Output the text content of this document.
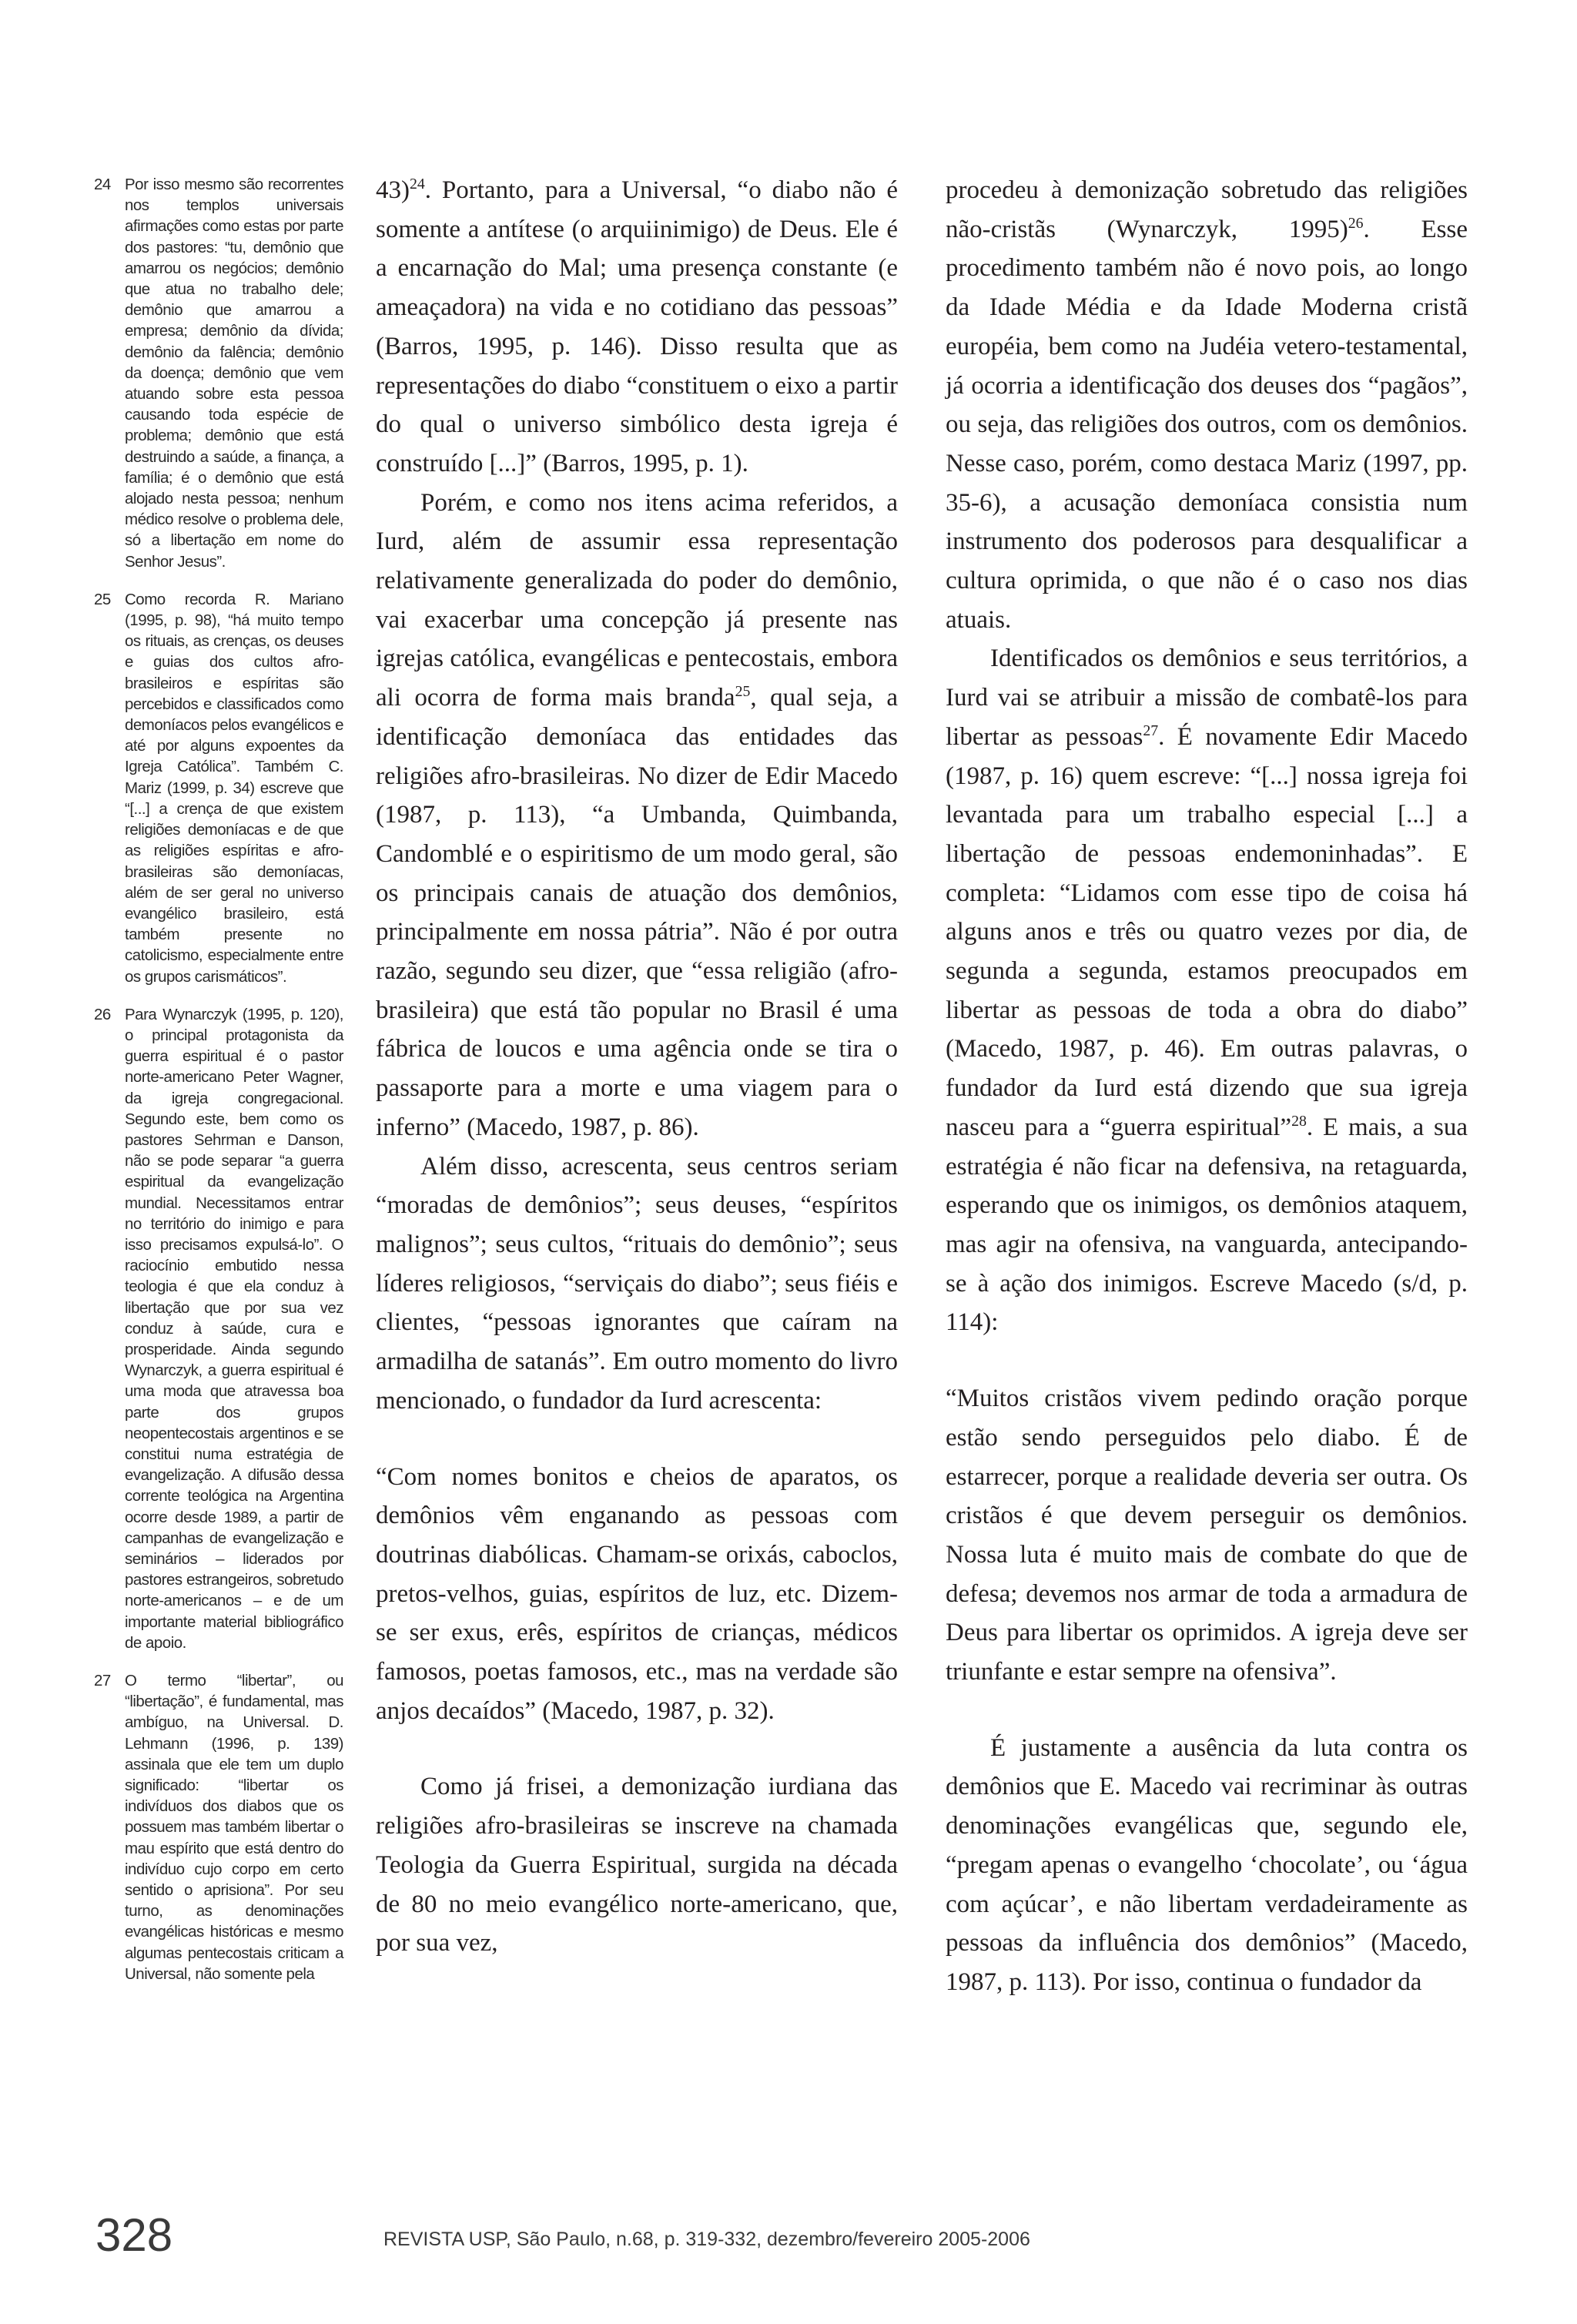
24 Por isso mesmo são recorrentes nos templos universais afirmações como estas por parte dos pastores: “tu, demônio que amarrou os negócios; demônio que atua no trabalho dele; demônio que amarrou a empresa; demônio da dívida; demônio da falência; demônio da doença; demônio que vem atuando sobre esta pessoa causando toda espécie de problema; demônio que está destruindo a saúde, a finança, a família; é o demônio que está alojado nesta pessoa; nenhum médico resolve o problema dele, só a libertação em nome do Senhor Jesus”.
25 Como recorda R. Mariano (1995, p. 98), “há muito tempo os rituais, as crenças, os deuses e guias dos cultos afro-brasileiros e espíritas são percebidos e classificados como demoníacos pelos evangélicos e até por alguns expoentes da Igreja Católica”. Também C. Mariz (1999, p. 34) escreve que “[...] a crença de que existem religiões demoníacas e de que as religiões espíritas e afro-brasileiras são demoníacas, além de ser geral no universo evangélico brasileiro, está também presente no catolicismo, especialmente entre os grupos carismáticos”.
26 Para Wynarczyk (1995, p. 120), o principal protagonista da guerra espiritual é o pastor norte-americano Peter Wagner, da igreja congregacional. Segundo este, bem como os pastores Sehrman e Danson, não se pode separar “a guerra espiritual da evangelização mundial. Necessitamos entrar no território do inimigo e para isso precisamos expulsá-lo”. O raciocínio embutido nessa teologia é que ela conduz à libertação que por sua vez conduz à saúde, cura e prosperidade. Ainda segundo Wynarczyk, a guerra espiritual é uma moda que atravessa boa parte dos grupos neopentecostais argentinos e se constitui numa estratégia de evangelização. A difusão dessa corrente teológica na Argentina ocorre desde 1989, a partir de campanhas de evangelização e seminários – liderados por pastores estrangeiros, sobretudo norte-americanos – e de um importante material bibliográfico de apoio.
27 O termo “libertar”, ou “libertação”, é fundamental, mas ambíguo, na Universal. D. Lehmann (1996, p. 139) assinala que ele tem um duplo significado: “libertar os indivíduos dos diabos que os possuem mas também libertar o mau espírito que está dentro do indivíduo cujo corpo em certo sentido o aprisiona”. Por seu turno, as denominações evangélicas históricas e mesmo algumas pentecostais criticam a Universal, não somente pela

43)$^{24}$. Portanto, para a Universal, “o diabo não é somente a antítese (o arquiinimigo) de Deus. Ele é a encarnação do Mal; uma presença constante (e ameaçadora) na vida e no cotidiano das pessoas” (Barros, 1995, p. 146). Disso resulta que as representações do diabo “constituem o eixo a partir do qual o universo simbólico desta igreja é construído [...]” (Barros, 1995, p. 1).

Porém, e como nos itens acima referidos, a Iurd, além de assumir essa representação relativamente generalizada do poder do demônio, vai exacerbar uma concepção já presente nas igrejas católica, evangélicas e pentecostais, embora ali ocorra de forma mais branda$^{25}$, qual seja, a identificação demoníaca das entidades das religiões afro-brasileiras. No dizer de Edir Macedo (1987, p. 113), “a Umbanda, Quimbanda, Candomblé e o espiritismo de um modo geral, são os principais canais de atuação dos demônios, principalmente em nossa pátria”. Não é por outra razão, segundo seu dizer, que “essa religião (afro-brasileira) que está tão popular no Brasil é uma fábrica de loucos e uma agência onde se tira o passaporte para a morte e uma viagem para o inferno” (Macedo, 1987, p. 86).

Além disso, acrescenta, seus centros seriam “moradas de demônios”; seus deuses, “espíritos malignos”; seus cultos, “rituais do demônio”; seus líderes religiosos, “serviçais do diabo”; seus fiéis e clientes, “pessoas ignorantes que caíram na armadilha de satanás”. Em outro momento do livro mencionado, o fundador da Iurd acrescenta:

“Com nomes bonitos e cheios de aparatos, os demônios vêm enganando as pessoas com doutrinas diabólicas. Chamam-se orixás, caboclos, pretos-velhos, guias, espíritos de luz, etc. Dizem-se ser exus, erês, espíritos de crianças, médicos famosos, poetas famosos, etc., mas na verdade são anjos decaídos” (Macedo, 1987, p. 32).

Como já frisei, a demonização iurdiana das religiões afro-brasileiras se inscreve na chamada Teologia da Guerra Espiritual, surgida na década de 80 no meio evangélico norte-americano, que, por sua vez,

procedeu à demonização sobretudo das religiões não-cristãs (Wynarczyk, 1995)$^{26}$. Esse procedimento também não é novo pois, ao longo da Idade Média e da Idade Moderna cristã européia, bem como na Judéia vetero-testamental, já ocorria a identificação dos deuses dos “pagãos”, ou seja, das religiões dos outros, com os demônios. Nesse caso, porém, como destaca Mariz (1997, pp. 35-6), a acusação demoníaca consistia num instrumento dos poderosos para desqualificar a cultura oprimida, o que não é o caso nos dias atuais.

Identificados os demônios e seus territórios, a Iurd vai se atribuir a missão de combatê-los para libertar as pessoas$^{27}$. É novamente Edir Macedo (1987, p. 16) quem escreve: “[...] nossa igreja foi levantada para um trabalho especial [...] a libertação de pessoas endemoninhadas”. E completa: “Lidamos com esse tipo de coisa há alguns anos e três ou quatro vezes por dia, de segunda a segunda, estamos preocupados em libertar as pessoas de toda a obra do diabo” (Macedo, 1987, p. 46). Em outras palavras, o fundador da Iurd está dizendo que sua igreja nasceu para a “guerra espiritual”$^{28}$. E mais, a sua estratégia é não ficar na defensiva, na retaguarda, esperando que os inimigos, os demônios ataquem, mas agir na ofensiva, na vanguarda, antecipando-se à ação dos inimigos. Escreve Macedo (s/d, p. 114):

“Muitos cristãos vivem pedindo oração porque estão sendo perseguidos pelo diabo. É de estarrecer, porque a realidade deveria ser outra. Os cristãos é que devem perseguir os demônios. Nossa luta é muito mais de combate do que de defesa; devemos nos armar de toda a armadura de Deus para libertar os oprimidos. A igreja deve ser triunfante e estar sempre na ofensiva”.

É justamente a ausência da luta contra os demônios que E. Macedo vai recriminar às outras denominações evangélicas que, segundo ele, “pregam apenas o evangelho ‘chocolate’, ou ‘água com açúcar’, e não libertam verdadeiramente as pessoas da influência dos demônios” (Macedo, 1987, p. 113). Por isso, continua o fundador da

328	REVISTA USP, São Paulo, n.68, p. 319-332, dezembro/fevereiro 2005-2006
